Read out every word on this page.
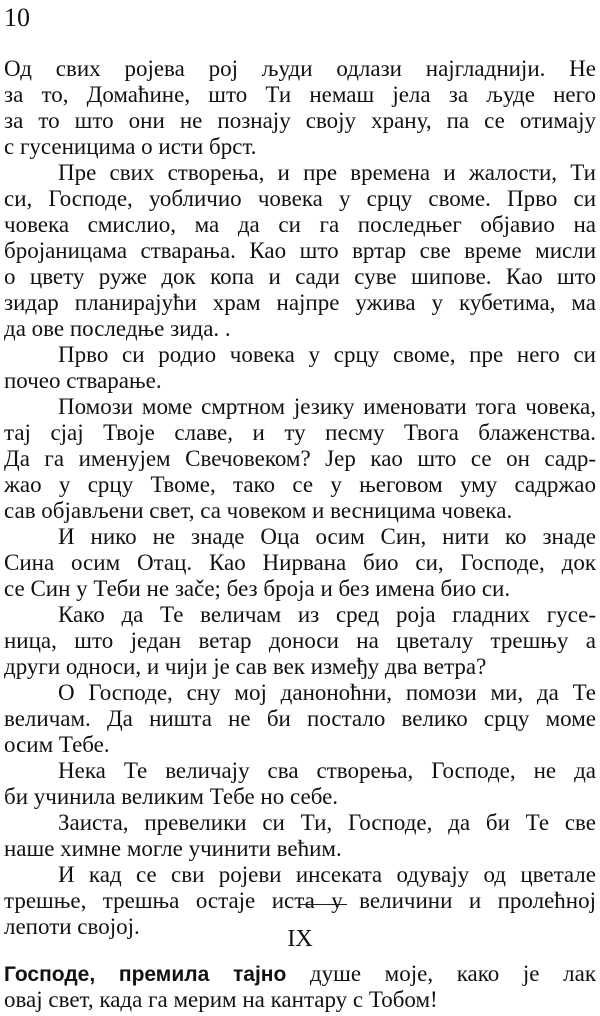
10
Од свих ројева рој људи одлази најгладнији. Не
за то, Домаћине, што Ти немаш јела за људе него
за то што они не познају своју храну, па се отимају
с гусеницима о исти брст.
Пре свих створења, и пре времена и жалости, Ти
си, Господе, уобличио човека у срцу своме. Прво си
човека смислио, ма да си га последњег објавио на
бројаницама стварања. Као што вртар све време мисли
о цвету руже док копа и сади суве шипове. Као што
зидар планирајући храм најпре ужива у кубетима, ма
да ове последње зида. .
Прво си родио човека у срцу своме, пре него си
почео стварање.
Помози моме смртном језику именовати тога човека,
тај сјај Твоје славе, и ту песму Твога блаженства.
Да га именујем Свечовеком? Јер као што се он садр-
жао у срцу Твоме, тако се у његовом уму садржао
сав објављени свет, са човеком и весницима човека.
И нико не знаде Оца осим Син, нити ко знаде
Сина осим Отац. Као Нирвана био си, Господе, док
се Син у Теби не зače; без броја и без имена био си.
Како да Те величам из сред роја гладних гусе-
ница, што један ветар доноси на цветалу трешњу а
други односи, и чији је сав век између два ветра?
О Господе, сну мој данонoћни, помози ми, да Те
величам. Да ништа не би постало велико срцу моме
осим Тебе.
Нека Те величају сва створења, Господе, не да
би учинила великим Тебе но себе.
Заиста, превелики си Ти, Господе, да би Те све
наше химне могле учинити већим.
И кад се сви ројеви инсеката одувају од цветале
трешње, трешња остаје иста у величини и пролећној
лепоти својој.	IX
Господе, премила тајно душе моје, како је лак
овај свет, када га мерим на кантару с Тобом!
